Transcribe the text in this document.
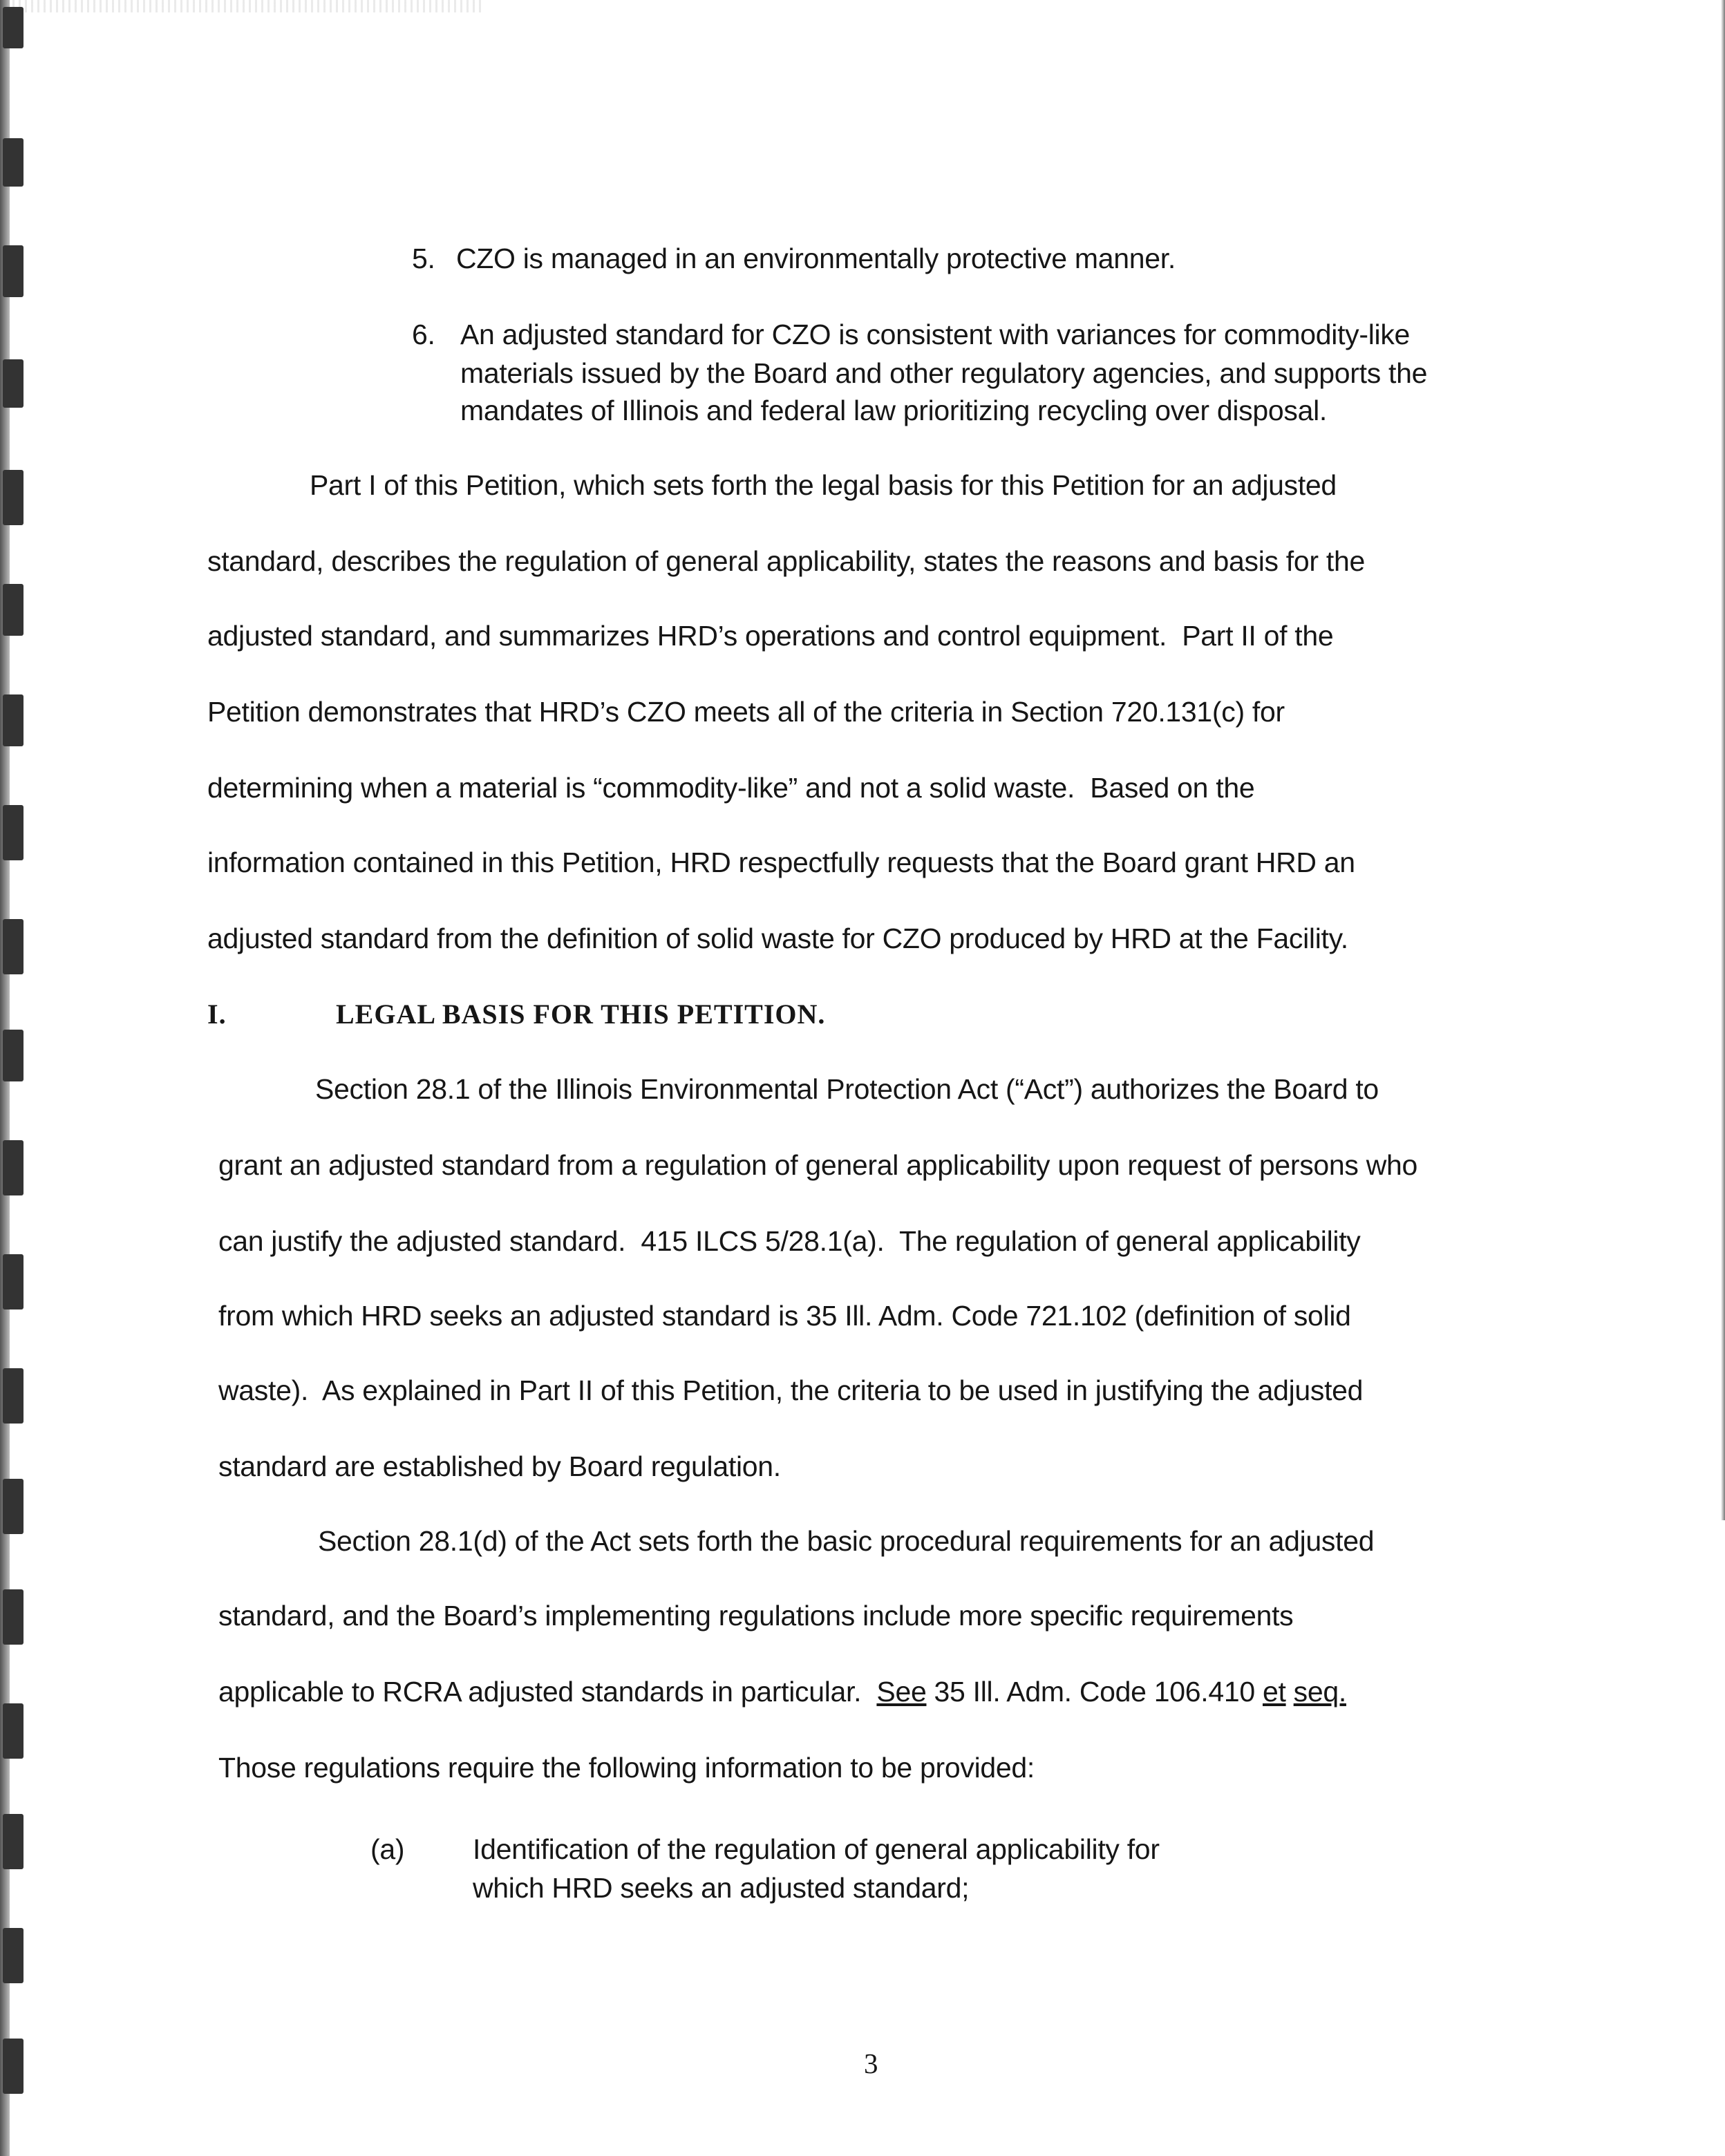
5. CZO is managed in an environmentally protective manner.
6. An adjusted standard for CZO is consistent with variances for commodity-like
materials issued by the Board and other regulatory agencies, and supports the
mandates of Illinois and federal law prioritizing recycling over disposal.
Part I of this Petition, which sets forth the legal basis for this Petition for an adjusted
standard, describes the regulation of general applicability, states the reasons and basis for the
adjusted standard, and summarizes HRD’s operations and control equipment.  Part II of the
Petition demonstrates that HRD’s CZO meets all of the criteria in Section 720.131(c) for
determining when a material is “commodity-like” and not a solid waste.  Based on the
information contained in this Petition, HRD respectfully requests that the Board grant HRD an
adjusted standard from the definition of solid waste for CZO produced by HRD at the Facility.
I.	LEGAL BASIS FOR THIS PETITION.
Section 28.1 of the Illinois Environmental Protection Act (“Act”) authorizes the Board to
grant an adjusted standard from a regulation of general applicability upon request of persons who
can justify the adjusted standard.  415 ILCS 5/28.1(a).  The regulation of general applicability
from which HRD seeks an adjusted standard is 35 Ill. Adm. Code 721.102 (definition of solid
waste).  As explained in Part II of this Petition, the criteria to be used in justifying the adjusted
standard are established by Board regulation.
Section 28.1(d) of the Act sets forth the basic procedural requirements for an adjusted
standard, and the Board’s implementing regulations include more specific requirements
applicable to RCRA adjusted standards in particular.  See 35 Ill. Adm. Code 106.410 et seq.
Those regulations require the following information to be provided:
(a) Identification of the regulation of general applicability for
which HRD seeks an adjusted standard;
3
